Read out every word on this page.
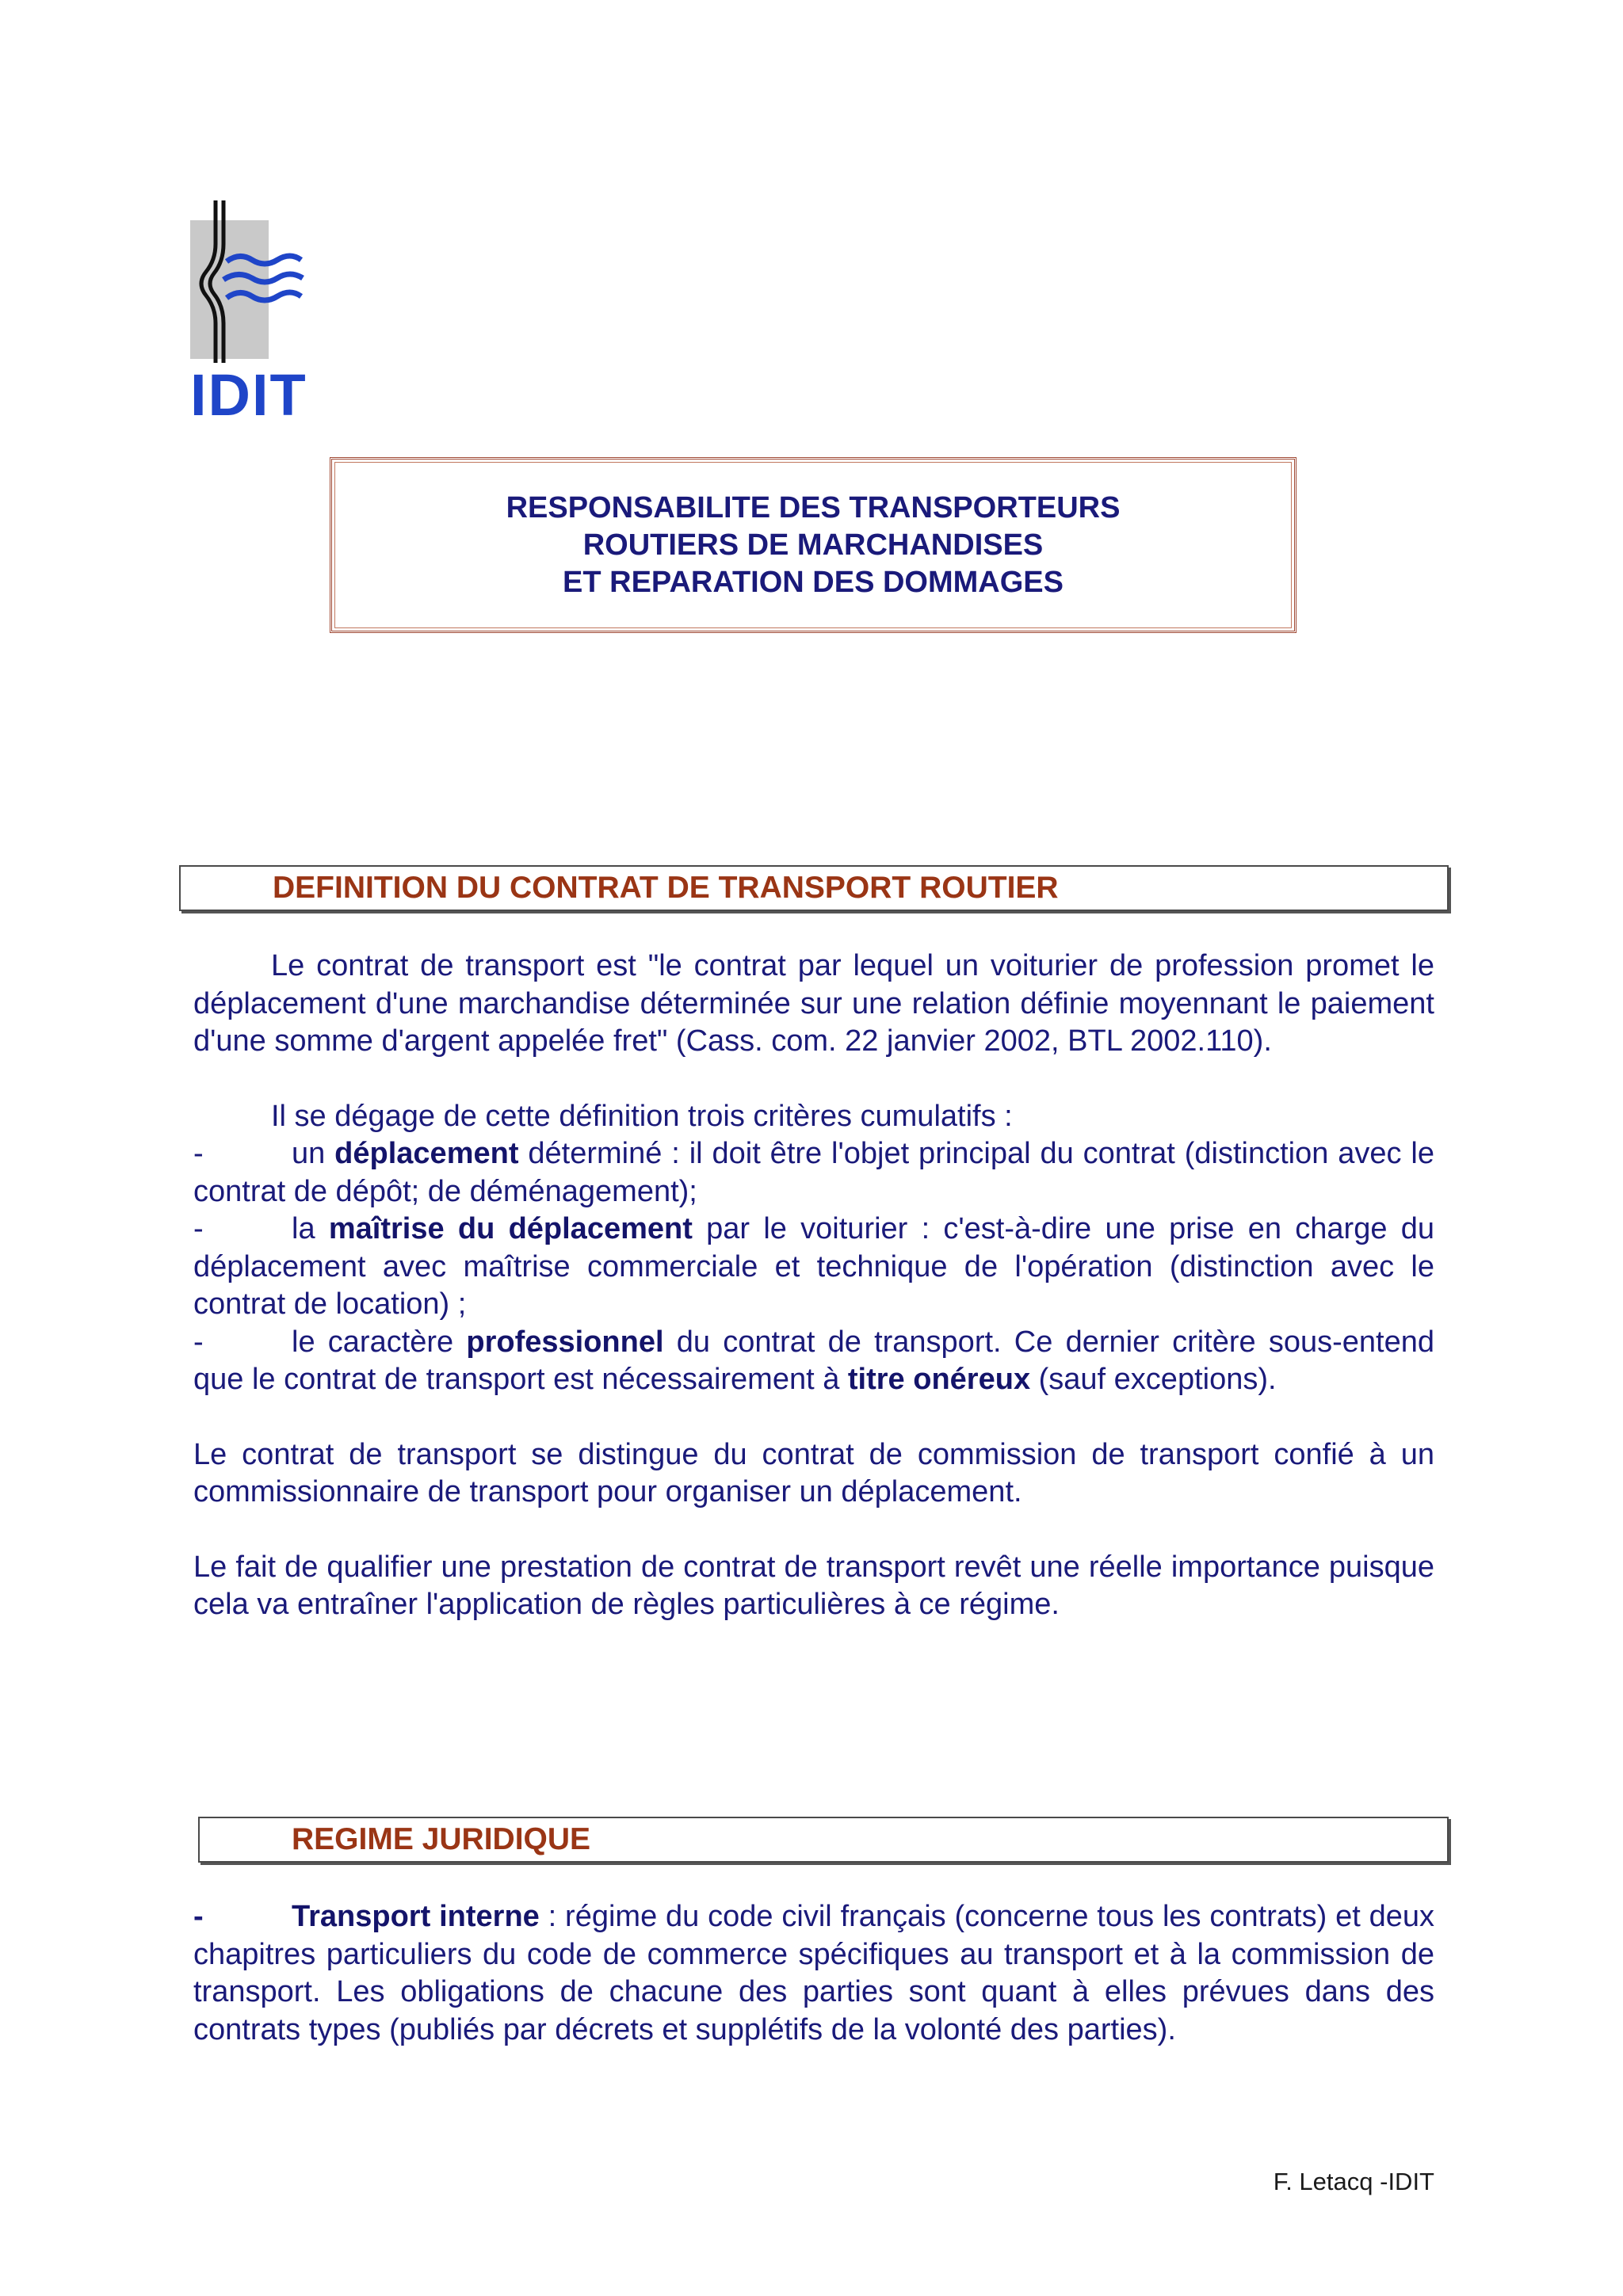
IDIT
RESPONSABILITE DES TRANSPORTEURS
ROUTIERS DE MARCHANDISES
ET REPARATION DES DOMMAGES
DEFINITION DU CONTRAT DE TRANSPORT ROUTIER

Le contrat de transport est "le contrat par lequel un voiturier de profession promet le déplacement d'une marchandise déterminée sur une relation définie moyennant le paiement d'une somme d'argent appelée fret" (Cass. com. 22 janvier 2002, BTL 2002.110).

Il se dégage de cette définition trois critères cumulatifs :

-	un déplacement déterminé : il doit être l'objet principal du contrat (distinction avec le contrat de dépôt; de déménagement);

-	la maîtrise du déplacement par le voiturier : c'est-à-dire une prise en charge du déplacement avec maîtrise commerciale et technique de l'opération (distinction avec le contrat de location) ;

-	le caractère professionnel du contrat de transport. Ce dernier critère sous-entend que le contrat de transport est nécessairement à titre onéreux (sauf exceptions).

Le contrat de transport se distingue du contrat de commission de transport confié à un commissionnaire de transport pour organiser un déplacement.

Le fait de qualifier une prestation de contrat de transport revêt une réelle importance puisque cela va entraîner l'application de règles particulières à ce régime.

REGIME JURIDIQUE

-	Transport interne : régime du code civil français (concerne tous les contrats) et deux chapitres particuliers du code de commerce spécifiques au transport et à la commission de transport. Les obligations de chacune des parties sont quant à elles prévues dans des contrats types (publiés par décrets et supplétifs de la volonté des parties).

F. Letacq -IDIT
